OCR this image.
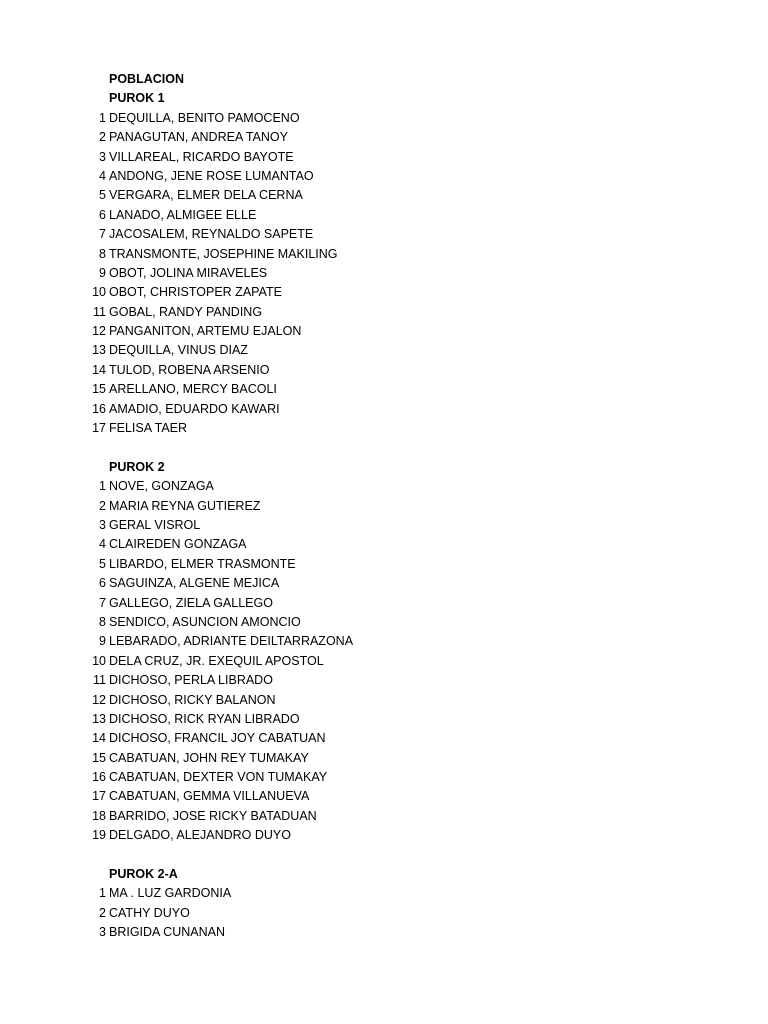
POBLACION
PUROK 1
1 DEQUILLA, BENITO PAMOCENO
2 PANAGUTAN, ANDREA TANOY
3 VILLAREAL, RICARDO BAYOTE
4 ANDONG, JENE ROSE LUMANTAO
5 VERGARA, ELMER DELA CERNA
6 LANADO, ALMIGEE ELLE
7 JACOSALEM, REYNALDO SAPETE
8 TRANSMONTE, JOSEPHINE MAKILING
9 OBOT, JOLINA MIRAVELES
10 OBOT, CHRISTOPER ZAPATE
11 GOBAL, RANDY PANDING
12 PANGANITON, ARTEMU EJALON
13 DEQUILLA, VINUS DIAZ
14 TULOD, ROBENA ARSENIO
15 ARELLANO, MERCY BACOLI
16 AMADIO, EDUARDO KAWARI
17 FELISA TAER
PUROK 2
1 NOVE, GONZAGA
2 MARIA REYNA GUTIEREZ
3 GERAL VISROL
4 CLAIREDEN GONZAGA
5 LIBARDO, ELMER TRASMONTE
6 SAGUINZA, ALGENE MEJICA
7 GALLEGO, ZIELA GALLEGO
8 SENDICO, ASUNCION AMONCIO
9 LEBARADO, ADRIANTE DEILTARRAZONA
10 DELA CRUZ, JR. EXEQUIL APOSTOL
11 DICHOSO, PERLA LIBRADO
12 DICHOSO, RICKY BALANON
13 DICHOSO, RICK RYAN LIBRADO
14 DICHOSO, FRANCIL JOY CABATUAN
15 CABATUAN, JOHN REY TUMAKAY
16 CABATUAN, DEXTER VON TUMAKAY
17 CABATUAN, GEMMA VILLANUEVA
18 BARRIDO, JOSE RICKY BATADUAN
19 DELGADO, ALEJANDRO DUYO
PUROK 2-A
1 MA . LUZ GARDONIA
2 CATHY DUYO
3 BRIGIDA CUNANAN
